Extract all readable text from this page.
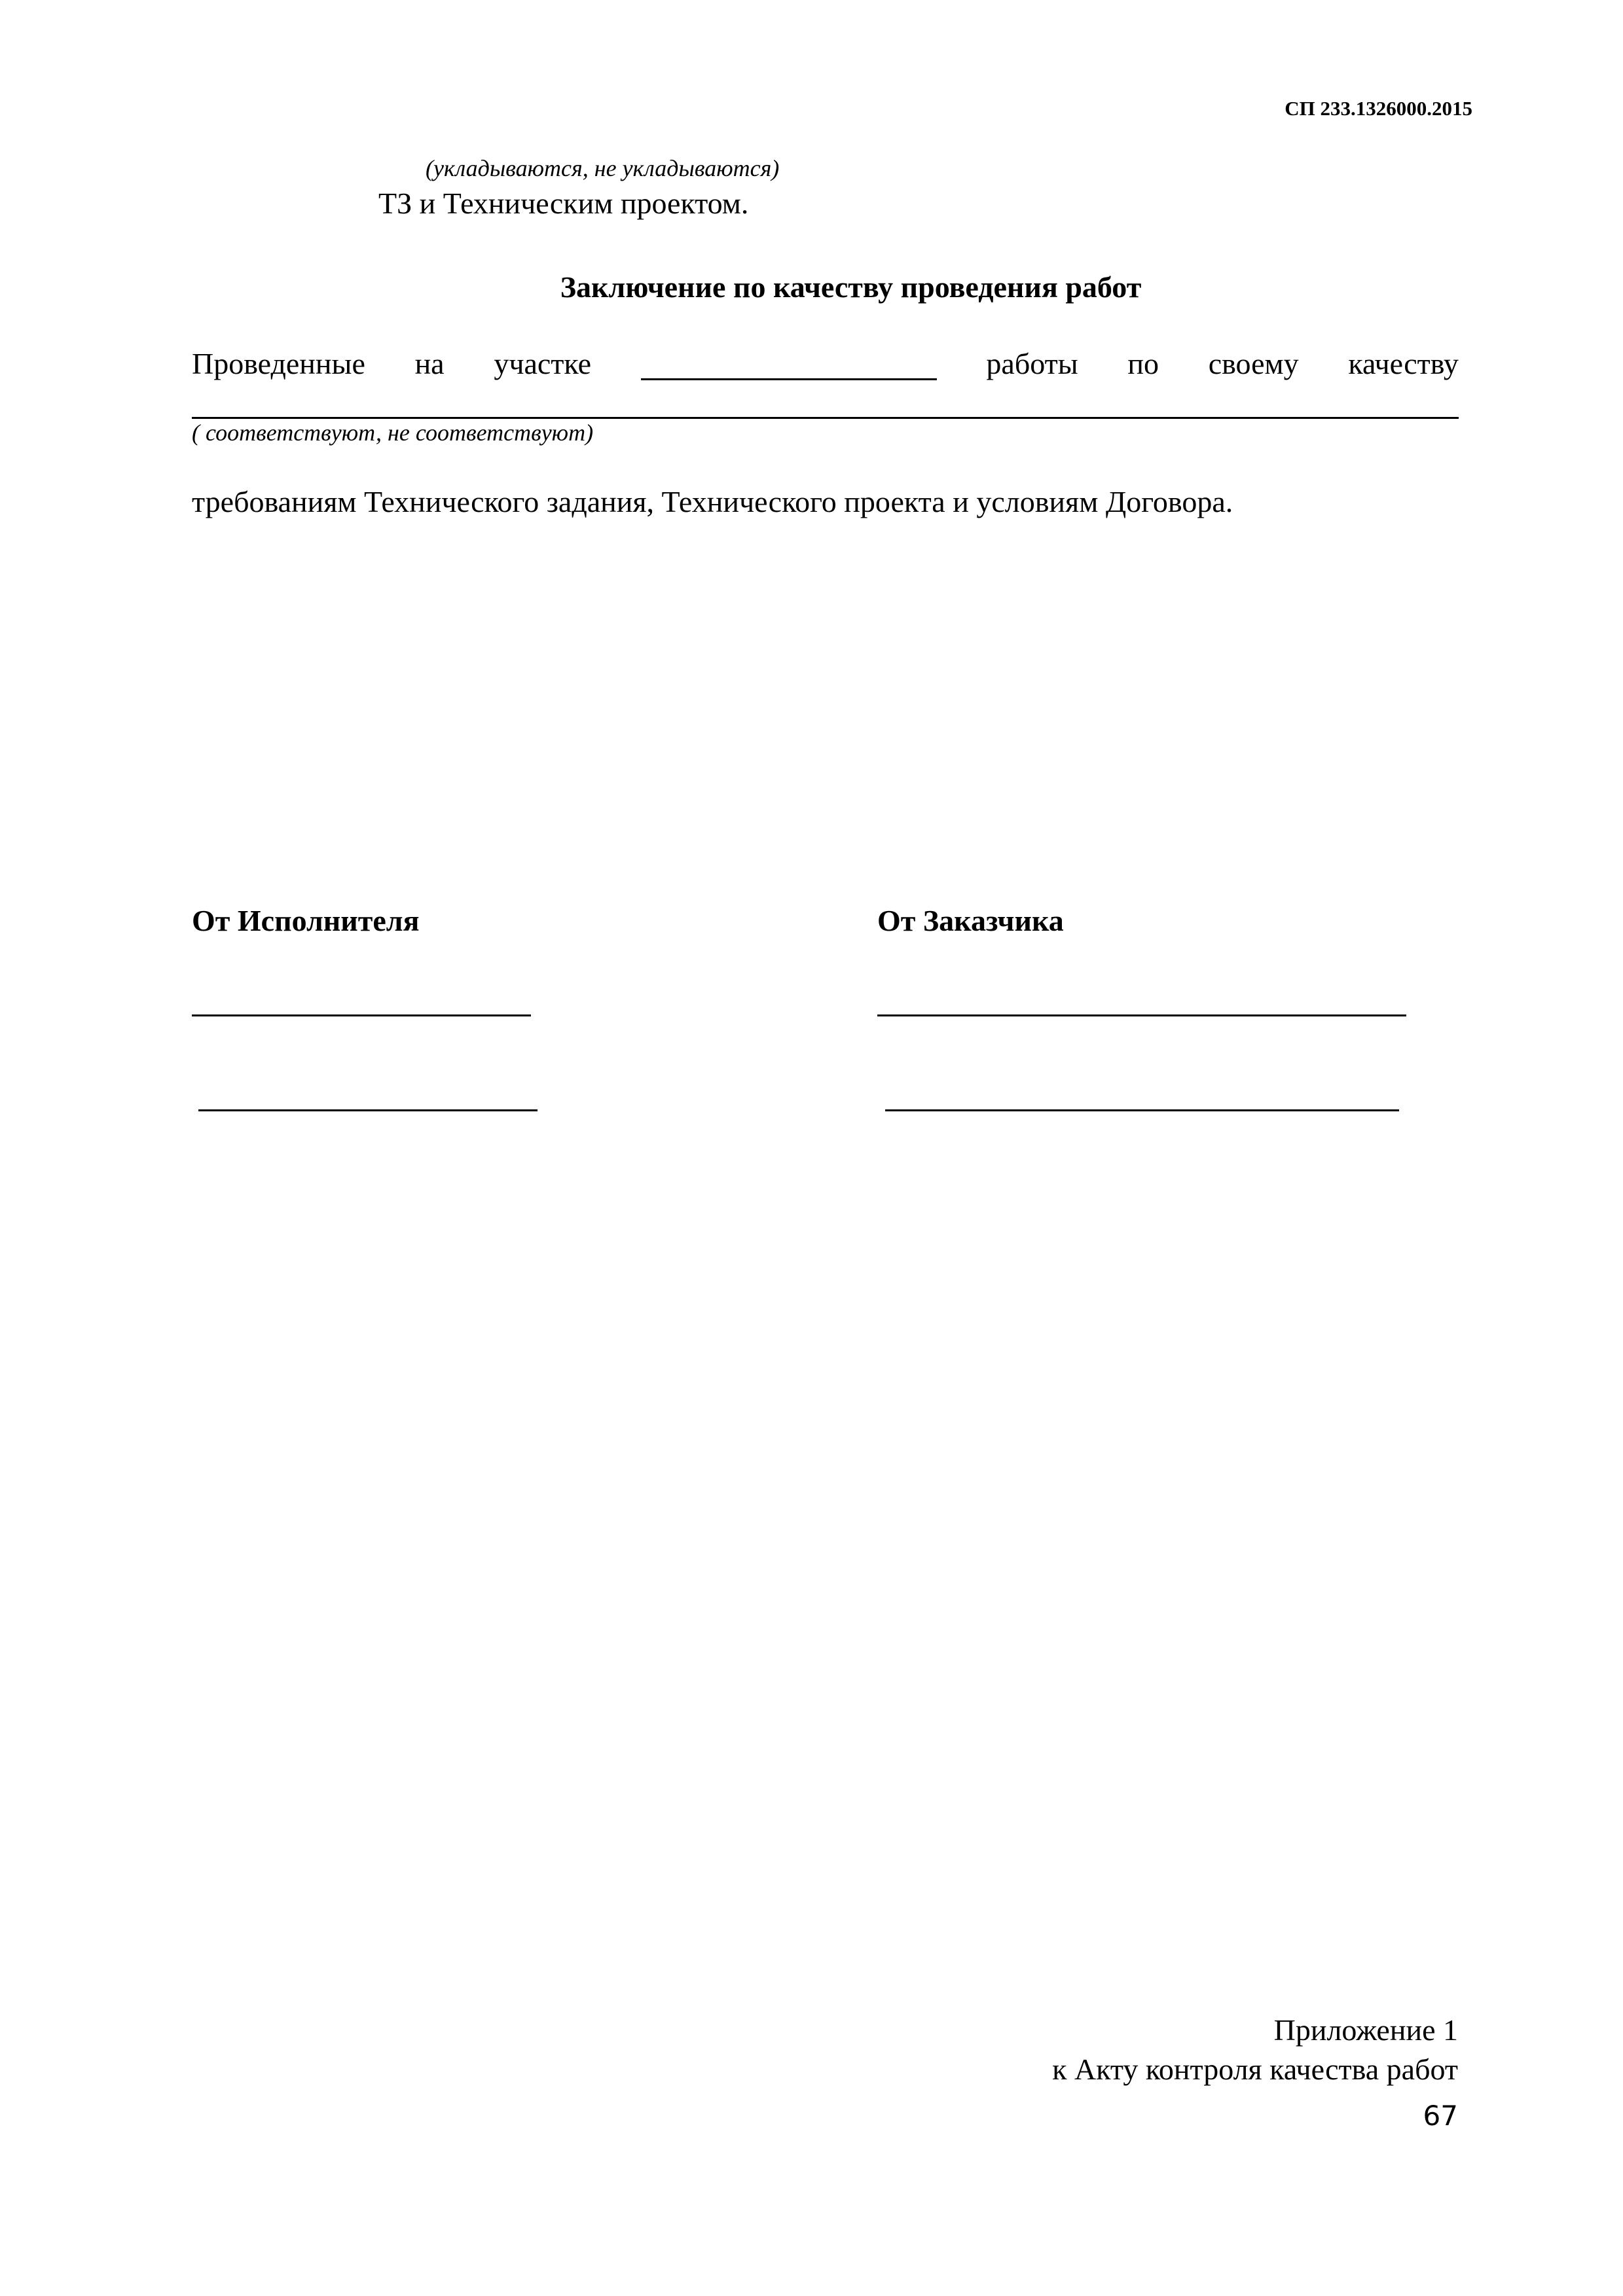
СП 233.1326000.2015
(укладываются, не укладываются)
ТЗ и Техническим проектом.
Заключение по качеству проведения работ
Проведенные на участке	работы по своему качеству
( соответствуют, не соответствуют)
требованиям Технического задания, Технического проекта и условиям Договора.
От Исполнителя	От Заказчика
Приложение 1
к Акту контроля качества работ
67
